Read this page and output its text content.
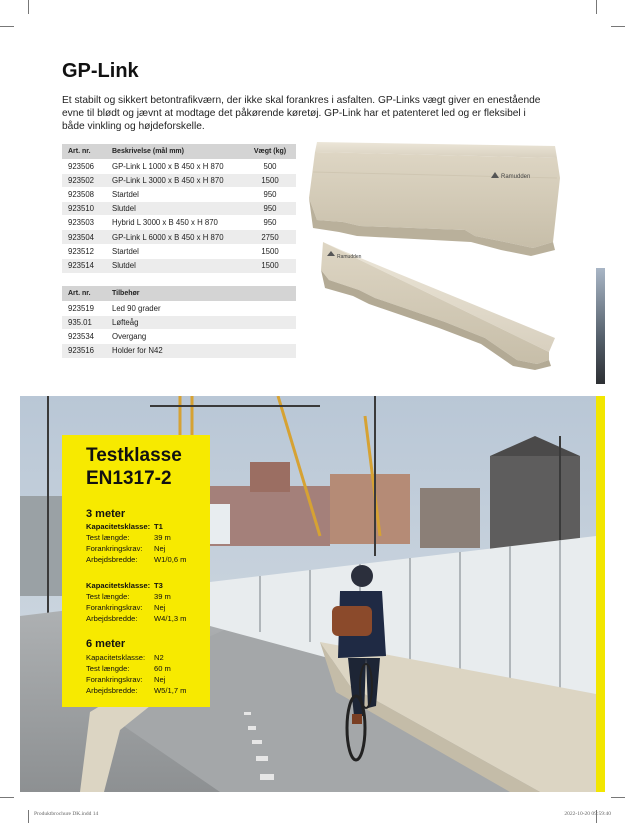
GP-Link

Et stabilt og sikkert betontrafikværn, der ikke skal forankres i asfalten. GP-Links vægt giver en enestående evne til blødt og jævnt at modtage det påkørende køretøj. GP-Link har et patenteret led og er fleksibel i både vinkling og højdeforskelle.

Art. nr.	Beskrivelse (mål mm)	Vægt (kg)
923506	GP-Link L 1000 x B 450 x H 870	500
923502	GP-Link L 3000 x B 450 x H 870	1500
923508	Startdel	950
923510	Slutdel	950
923503	Hybrid L 3000 x B 450 x H 870	950
923504	GP-Link L 6000 x B 450 x H 870	2750
923512	Startdel	1500
923514	Slutdel	1500
Art. nr.	Tilbehør
923519	Led 90 grader
935.01	Løfteåg
923534	Overgang
923516	Holder for N42
Ramudden
Ramudden
Testklasse
EN1317-2
3 meter
Kapacitetsklasse: T1
Test længde:	39 m
Forankringskrav: Nej
Arbejdsbredde: W1/0,6 m
Kapacitetsklasse: T3
Test længde:	39 m
Forankringskrav: Nej
Arbejdsbredde: W4/1,3 m
6 meter
Kapacitetsklasse: N2
Test længde:	60 m
Forankringskrav: Nej
Arbejdsbredde: W5/1,7 m
Produktbrochure DK.indd 14	2022-10-20 09:59:40
